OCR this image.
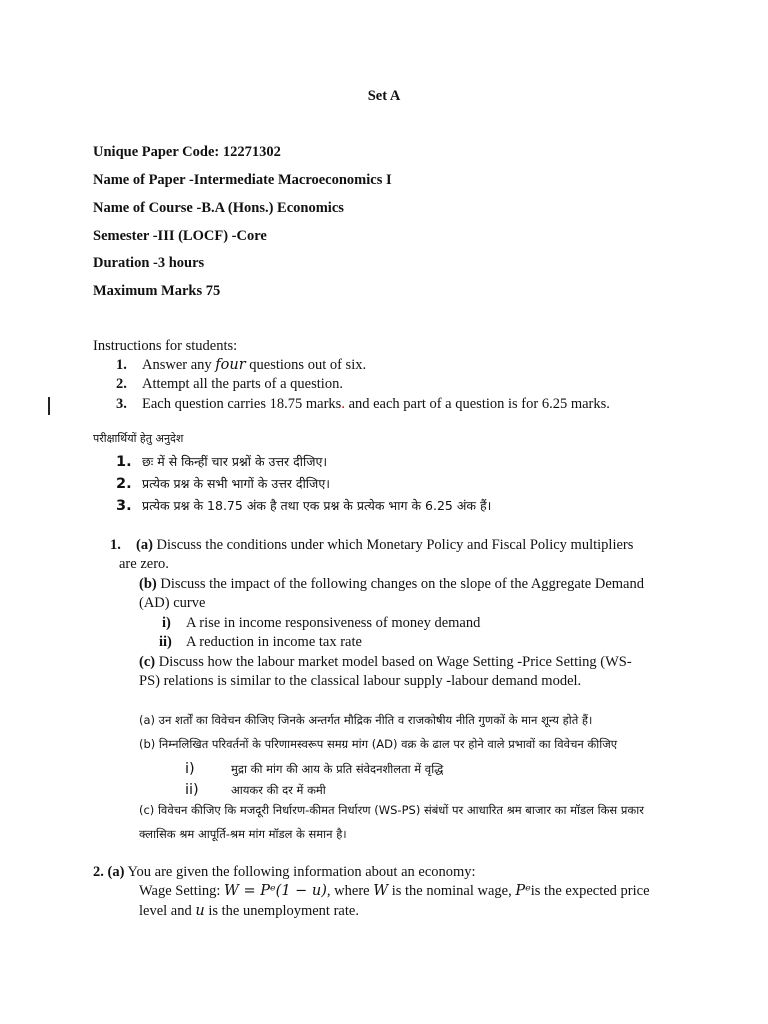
Set A
Unique Paper Code: 12271302
Name of Paper -Intermediate Macroeconomics I
Name of Course -B.A (Hons.) Economics
Semester -III (LOCF) -Core
Duration -3 hours
Maximum Marks 75
Instructions for students:
1. Answer any four questions out of six.
2. Attempt all the parts of a question.
3. Each question carries 18.75 marks. and each part of a question is for 6.25 marks.
परीक्षार्थियों हेतु अनुदेश
1. छः में से किन्हीं चार प्रश्नों के उत्तर दीजिए।
2. प्रत्येक प्रश्न के सभी भागों के उत्तर दीजिए।
3. प्रत्येक प्रश्न के 18.75 अंक है तथा एक प्रश्न के प्रत्येक भाग के 6.25 अंक हैं।
1. (a) Discuss the conditions under which Monetary Policy and Fiscal Policy multipliers
are zero.
(b) Discuss the impact of the following changes on the slope of the Aggregate Demand
(AD) curve
i) A rise in income responsiveness of money demand
ii) A reduction in income tax rate
(c) Discuss how the labour market model based on Wage Setting -Price Setting (WS-
PS) relations is similar to the classical labour supply -labour demand model.
(a) उन शर्तों का विवेचन कीजिए जिनके अन्तर्गत मौद्रिक नीति व राजकोषीय नीति गुणकों के मान शून्य होते हैं।
(b) निम्नलिखित परिवर्तनों के परिणामस्वरूप समग्र मांग (AD) वक्र के ढाल पर होने वाले प्रभावों का विवेचन कीजिए
i)	मुद्रा की मांग की आय के प्रति संवेदनशीलता में वृद्धि
ii)	आयकर की दर में कमी
(c) विवेचन कीजिए कि मजदूरी निर्धारण-कीमत निर्धारण (WS-PS) संबंधों पर आधारित श्रम बाजार का मॉडल किस प्रकार
क्लासिक श्रम आपूर्ति-श्रम मांग मॉडल के समान है।
2. (a) You are given the following information about an economy:
Wage Setting: W = Pᵉ(1 − u), where W is the nominal wage, Pᵉis the expected price
level and u is the unemployment rate.
